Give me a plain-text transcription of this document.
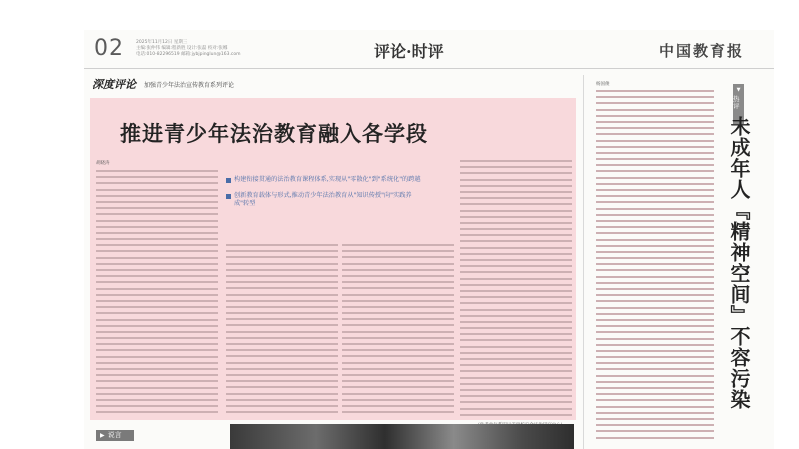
02	2025年11月12日 星期三
主编:张仲伟 编辑:程新胜 设计:张磊 校对:张娜
电话:010-82296519 邮箱:jybjpinglun@163.com	评论·时评	中国教育报
深度评论 加强青少年法治宣传教育系列评论
推进青少年法治教育融入各学段
胡晓涛
构建衔接贯通的法治教育课程体系,实现从"零散化"到"系统化"的跨越
创新教育载体与形式,推动青少年法治教育从"知识传授"向"实践养成"转型
▶ 说言
杨国俊
▼
热评
未成年人『精神空间』不容污染
